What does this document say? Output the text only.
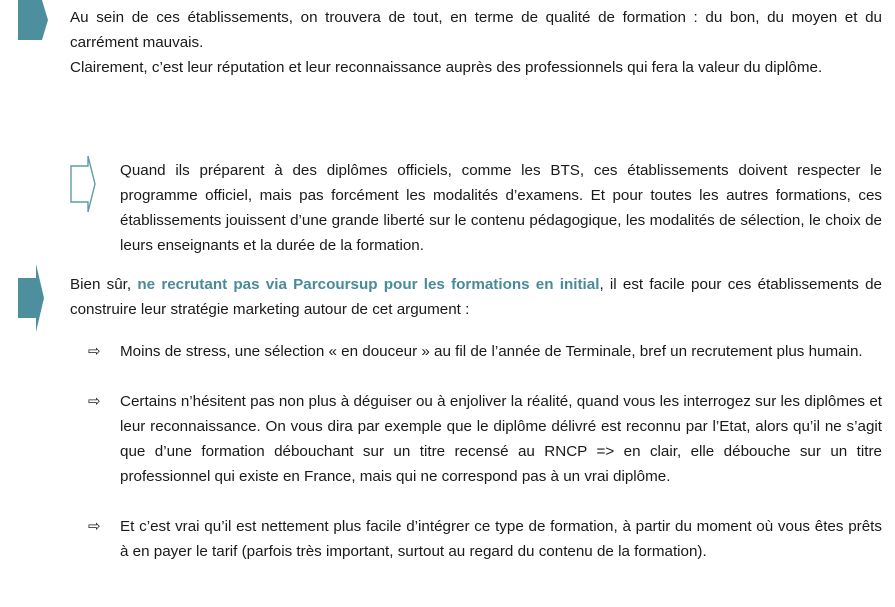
Au sein de ces établissements, on trouvera de tout, en terme de qualité de formation : du bon, du moyen et du carrément mauvais.
Clairement, c’est leur réputation et leur reconnaissance auprès des professionnels qui fera la valeur du diplôme.

Quand ils préparent à des diplômes officiels, comme les BTS, ces établissements doivent respecter le programme officiel, mais pas forcément les modalités d’examens. Et pour toutes les autres formations, ces établissements jouissent d’une grande liberté sur le contenu pédagogique, les modalités de sélection, le choix de leurs enseignants et la durée de la formation.

Bien sûr, ne recrutant pas via Parcoursup pour les formations en initial, il est facile pour ces établissements de construire leur stratégie marketing autour de cet argument :

⇨	Moins de stress, une sélection « en douceur » au fil de l’année de Terminale, bref un recrutement plus humain.

⇨	Certains n’hésitent pas non plus à déguiser ou à enjoliver la réalité, quand vous les interrogez sur les diplômes et leur reconnaissance. On vous dira par exemple que le diplôme délivré est reconnu par l’Etat, alors qu’il ne s’agit que d’une formation débouchant sur un titre recensé au RNCP => en clair, elle débouche sur un titre professionnel qui existe en France, mais qui ne correspond pas à un vrai diplôme.

⇨	Et c’est vrai qu’il est nettement plus facile d’intégrer ce type de formation, à partir du moment où vous êtes prêts à en payer le tarif (parfois très important, surtout au regard du contenu de la formation).
